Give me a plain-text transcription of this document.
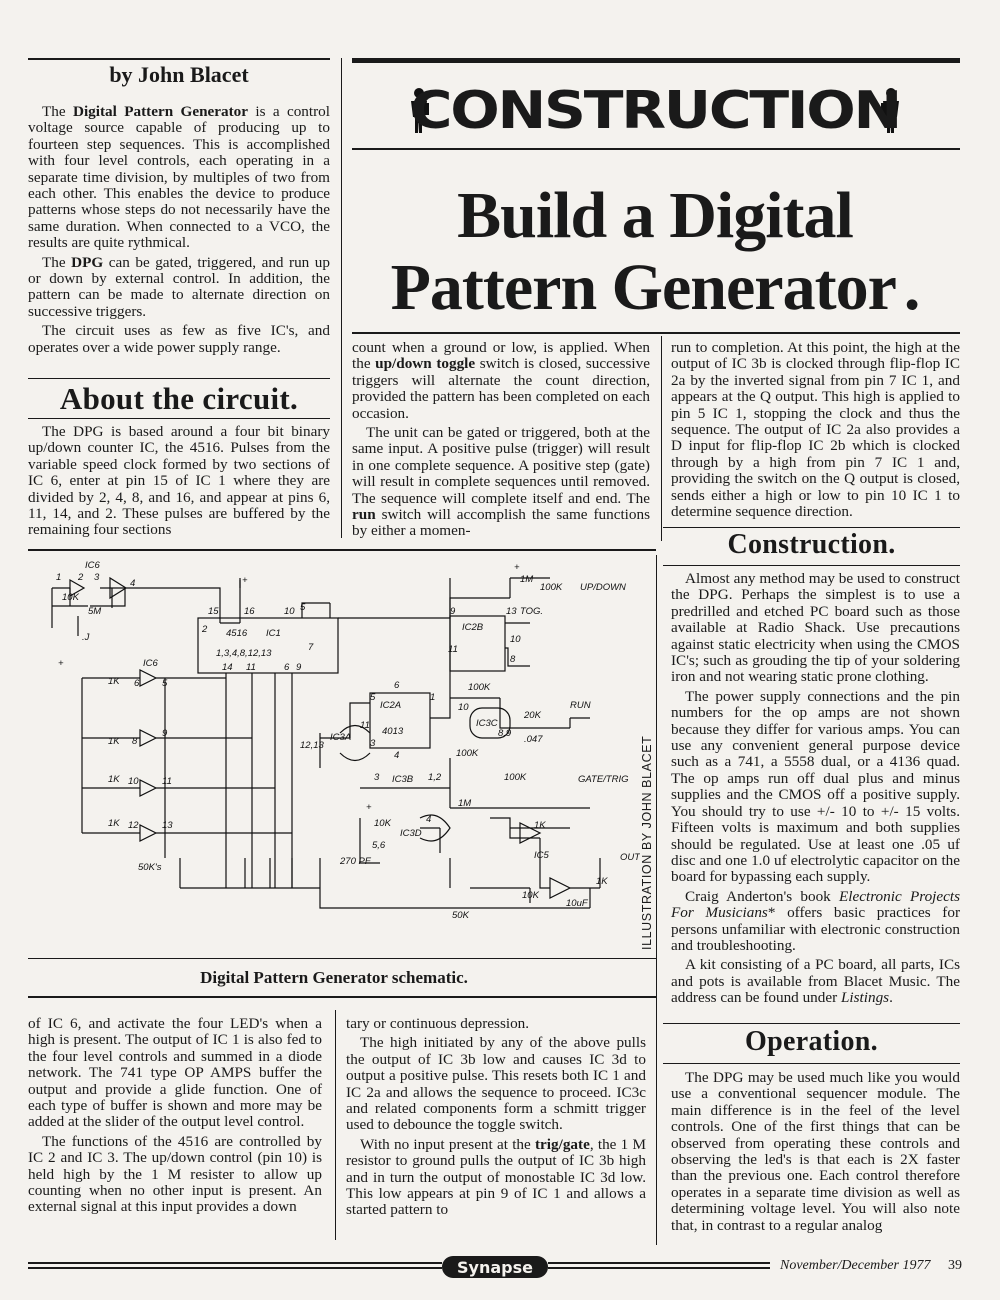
by John Blacet

The Digital Pattern Generator is a control voltage source capable of producing up to fourteen step sequences. This is accomplished with four level controls, each operating in a separate time division, by multiples of two from each other. This enables the device to produce patterns whose steps do not necessarily have the same duration. When connected to a VCO, the results are quite rythmical.

The DPG can be gated, triggered, and run up or down by external control. In addition, the pattern can be made to alternate direction on successive triggers.

The circuit uses as few as five IC's, and operates over a wide power supply range.

About the circuit.

The DPG is based around a four bit binary up/down counter IC, the 4516. Pulses from the variable speed clock formed by two sections of IC 6, enter at pin 15 of IC 1 where they are divided by 2, 4, 8, and 16, and appear at pins 6, 11, 14, and 2. These pulses are buffered by the remaining four sections

CONSTRUCTION
Build a Digital
Pattern Generator .

count when a ground or low, is applied. When the up/down toggle switch is closed, successive triggers will alternate the count direction, provided the pattern has been completed on each occasion.

The unit can be gated or triggered, both at the same input. A positive pulse (trigger) will result in one complete sequence. A positive step (gate) will result in complete sequences until removed. The sequence will complete itself and end. The run switch will accomplish the same functions by either a momen-

run to completion. At this point, the high at the output of IC 3b is clocked through flip-flop IC 2a by the inverted signal from pin 7 IC 1, and appears at the Q output. This high is applied to pin 5 IC 1, stopping the clock and thus the sequence. The output of IC 2a also provides a D input for flip-flop IC 2b which is clocked through by a high from pin 7 IC 1 and, providing the switch on the Q output is closed, sends either a high or low to pin 10 IC 1 to determine sequence direction.

Construction.

Almost any method may be used to construct the DPG. Perhaps the simplest is to use a predrilled and etched PC board such as those available at Radio Shack. Use precautions against static electricity when using the CMOS IC's; such as grouding the tip of your soldering iron and not wearing static prone clothing.

The power supply connections and the pin numbers for the op amps are not shown because they differ for various amps. You can use any convenient general purpose device such as a 741, a 5558 dual, or a 4136 quad. The op amps run off dual plus and minus supplies and the CMOS off a positive supply. You should try to use +/- 10 to +/- 15 volts. Fifteen volts is maximum and both supplies should be regulated. Use at least one .05 uf disc and one 1.0 uf electrolytic capacitor on the board for bypassing each supply.

Craig Anderton's book Electronic Projects For Musicians* offers basic practices for persons unfamiliar with electronic construction and troubleshooting.

A kit consisting of a PC board, all parts, ICs and pots is available from Blacet Music. The address can be found under Listings.

Operation.

The DPG may be used much like you would use a conventional sequencer module. The main difference is in the feel of the level controls. One of the first things that can be observed from operating these controls and observing the led's is that each is 2X faster than the previous one. Each control therefore operates in a separate time division as well as determining voltage level. You will also note that, in contrast to a regular analog

IC6
2 3
4
1
10K
5M
.J
IC6
+
+
4516 IC1
15	16	10 5
2
1,3,4,8,12,13
14 11	6 9
7
1K
1K
1K
1K
6 5
8
9
10 11
12 13
50K's
IC2A
4013
6
5	1
3
4
IC3A
11
12,13
IC2B
9	13
11
10
8
+
1M
100K UP/DOWN
TOG.
100K
IC3C
10
8,9
20K
.047
RUN
100K
IC3B
3	1,2	100K	GATE/TRIG
1M
+
10K
IC3D
5,6
4
270 PF
1K
IC5
1K
10K
10uF
OUT
50K	ILLUSTRATION BY JOHN BLACET
Digital Pattern Generator schematic.

of IC 6, and activate the four LED's when a high is present. The output of IC 1 is also fed to the four level controls and summed in a diode network. The 741 type OP AMPS buffer the output and provide a glide function. One of each type of buffer is shown and more may be added at the slider of the output level control.

The functions of the 4516 are controlled by IC 2 and IC 3. The up/down control (pin 10) is held high by the 1 M resister to allow up counting when no other input is present. An external signal at this input provides a down

tary or continuous depression.

The high initiated by any of the above pulls the output of IC 3b low and causes IC 3d to output a positive pulse. This resets both IC 1 and IC 2a and allows the sequence to proceed. IC3c and related components form a schmitt trigger used to debounce the toggle switch.

With no input present at the trig/gate, the 1 M resistor to ground pulls the output of IC 3b high and in turn the output of monostable IC 3d low. This low appears at pin 9 of IC 1 and allows a started pattern to

Synapse	November/December 1977 39
